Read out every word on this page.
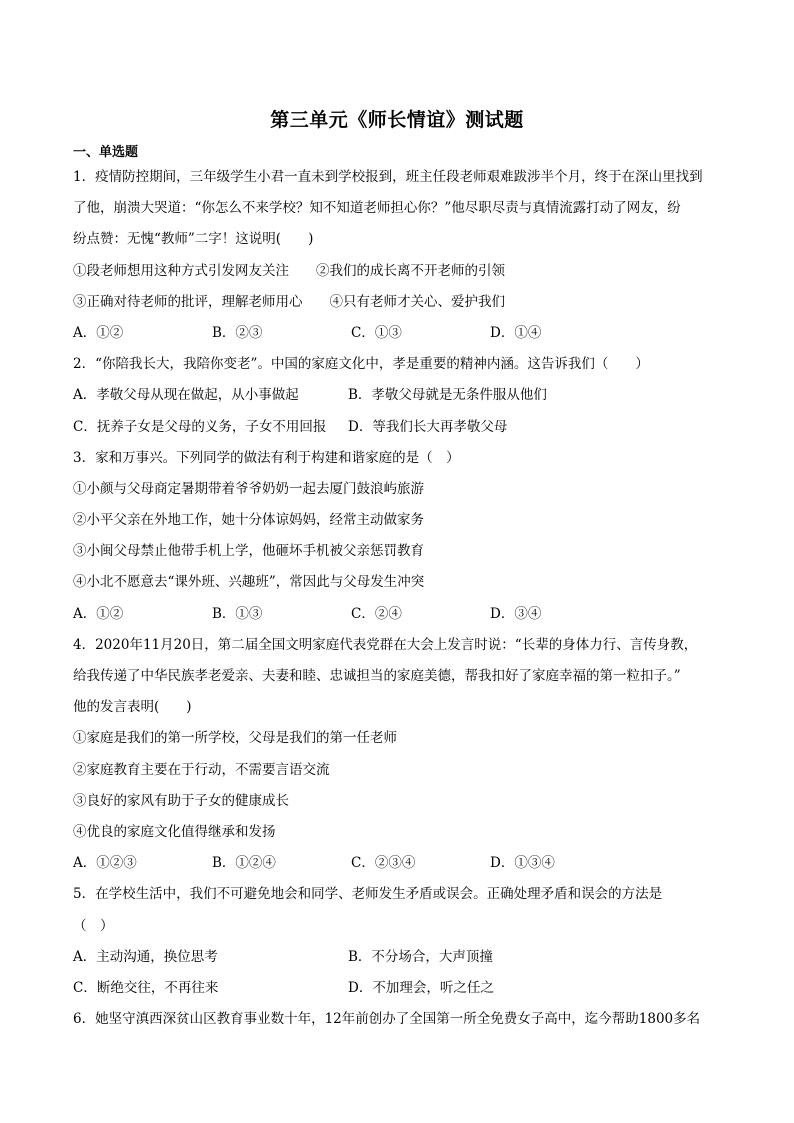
第三单元《师长情谊》测试题
一、单选题
1．疫情防控期间，三年级学生小君一直未到学校报到，班主任段老师艰难跋涉半个月，终于在深山里找到
了他，崩溃大哭道：“你怎么不来学校？知不知道老师担心你？”他尽职尽责与真情流露打动了网友，纷
纷点赞：无愧“教师”二字！这说明(　　)
①段老师想用这种方式引发网友关注　　②我们的成长离不开老师的引领
③正确对待老师的批评，理解老师用心　　④只有老师才关心、爱护我们
A．①②	B．②③	C．①③	D．①④
2．“你陪我长大，我陪你变老”。中国的家庭文化中，孝是重要的精神内涵。这告诉我们（　　）
A．孝敬父母从现在做起，从小事做起	B．孝敬父母就是无条件服从他们
C．抚养子女是父母的义务，子女不用回报	D．等我们长大再孝敬父母
3．家和万事兴。下列同学的做法有利于构建和谐家庭的是（　）
①小颜与父母商定暑期带着爷爷奶奶一起去厦门鼓浪屿旅游
②小平父亲在外地工作，她十分体谅妈妈，经常主动做家务
③小闽父母禁止他带手机上学，他砸坏手机被父亲惩罚教育
④小北不愿意去“课外班、兴趣班”，常因此与父母发生冲突
A．①②	B．①③	C．②④	D．③④
4．2020年11月20日，第二届全国文明家庭代表党群在大会上发言时说：“长辈的身体力行、言传身教，
给我传递了中华民族孝老爱亲、夫妻和睦、忠诚担当的家庭美德，帮我扣好了家庭幸福的第一粒扣子。”
他的发言表明(　　)
①家庭是我们的第一所学校，父母是我们的第一任老师
②家庭教育主要在于行动，不需要言语交流
③良好的家风有助于子女的健康成长
④优良的家庭文化值得继承和发扬
A．①②③	B．①②④	C．②③④	D．①③④
5．在学校生活中，我们不可避免地会和同学、老师发生矛盾或误会。正确处理矛盾和误会的方法是
（　）
A．主动沟通，换位思考	B．不分场合，大声顶撞
C．断绝交往，不再往来	D．不加理会，听之任之
6．她坚守滇西深贫山区教育事业数十年，12年前创办了全国第一所全免费女子高中，迄今帮助1800多名
